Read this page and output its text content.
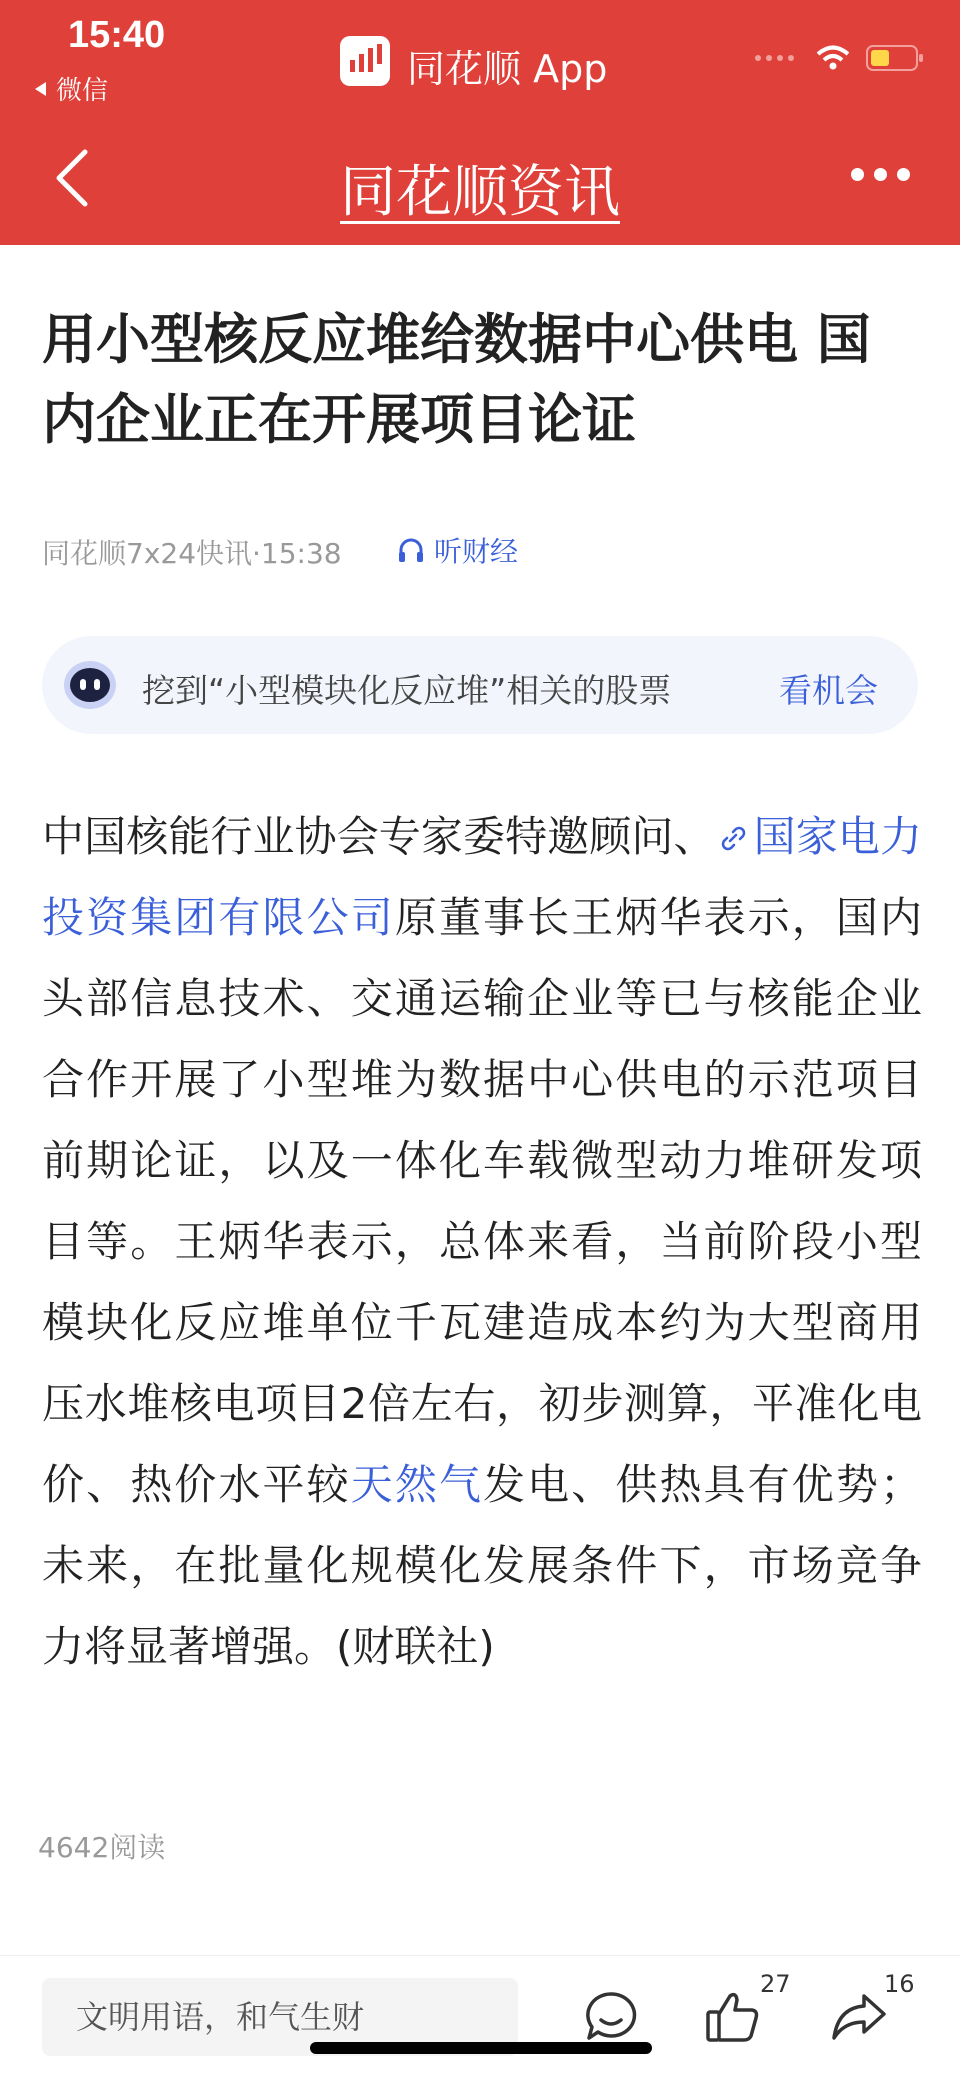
15:40
微信	同花顺 App
同花顺资讯
用小型核反应堆给数据中心供电 国内企业正在开展项目论证
同花顺7x24快讯·15:38	听财经
挖到“小型模块化反应堆”相关的股票	看机会
中国核能行业协会专家委特邀顾问、 国家电力投资集团有限公司原董事长王炳华表示，国内头部信息技术、交通运输企业等已与核能企业合作开展了小型堆为数据中心供电的示范项目前期论证，以及一体化车载微型动力堆研发项目等。王炳华表示，总体来看，当前阶段小型模块化反应堆单位千瓦建造成本约为大型商用压水堆核电项目2倍左右，初步测算，平准化电价、热价水平较天然气发电、供热具有优势；未来，在批量化规模化发展条件下，市场竞争力将显著增强。(财联社)
4642阅读
文明用语，和气生财
27	16
